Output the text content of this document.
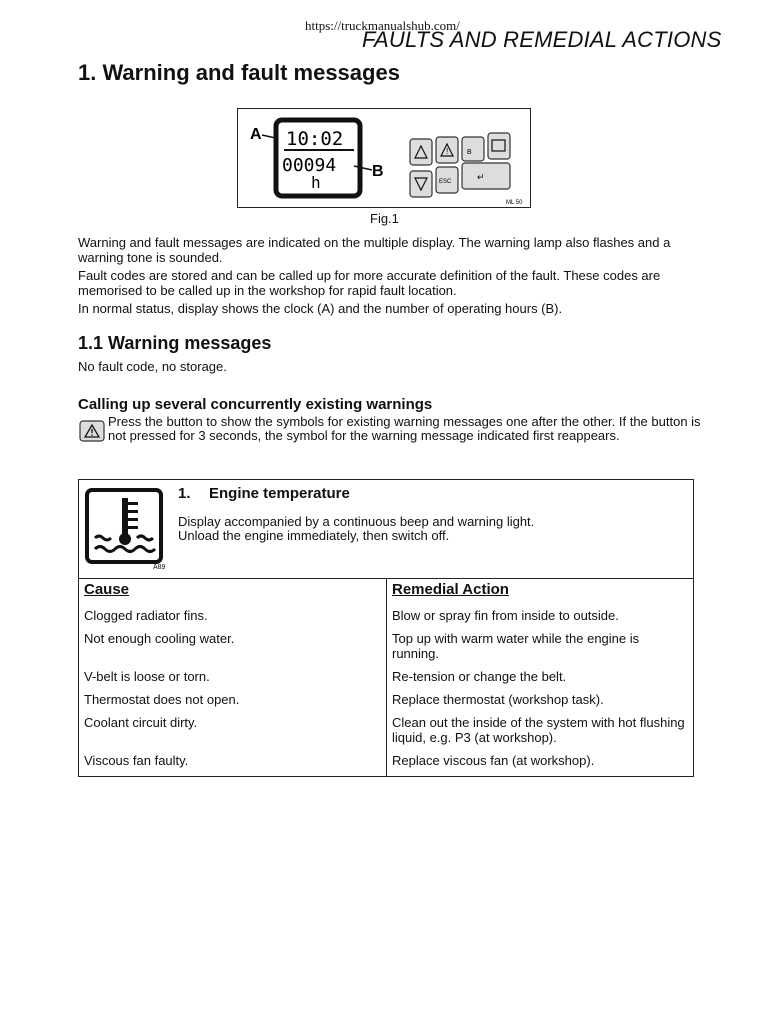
https://truckmanualshub.com/
FAULTS AND REMEDIAL ACTIONS
1. Warning and fault messages
A 10:02
00094
h
B
!	B
ESC	↵
ML 50
Fig.1
Warning and fault messages are indicated on the multiple display. The warning lamp also flashes and a warning tone is sounded.
Fault codes are stored and can be called up for more accurate definition of the fault. These codes are memorised to be called up in the workshop for rapid fault location.
In normal status, display shows the clock (A) and the number of operating hours (B).
1.1 Warning messages
No fault code, no storage.
Calling up several concurrently existing warnings
Press the button to show the symbols for existing warning messages one after the other. If the button is not pressed for 3 seconds, the symbol for the warning message indicated first reappears.
A89
1. Engine temperature
Display accompanied by a continuous beep and warning light.
Unload the engine immediately, then switch off.
Cause	Remedial Action
Clogged radiator fins.	Blow or spray fin from inside to outside.
Not enough cooling water.	Top up with warm water while the engine is running.
V-belt is loose or torn.	Re-tension or change the belt.
Thermostat does not open.	Replace thermostat (workshop task).
Coolant circuit dirty.	Clean out the inside of the system with hot flushing liquid, e.g. P3 (at workshop).
Viscous fan faulty.	Replace viscous fan (at workshop).
